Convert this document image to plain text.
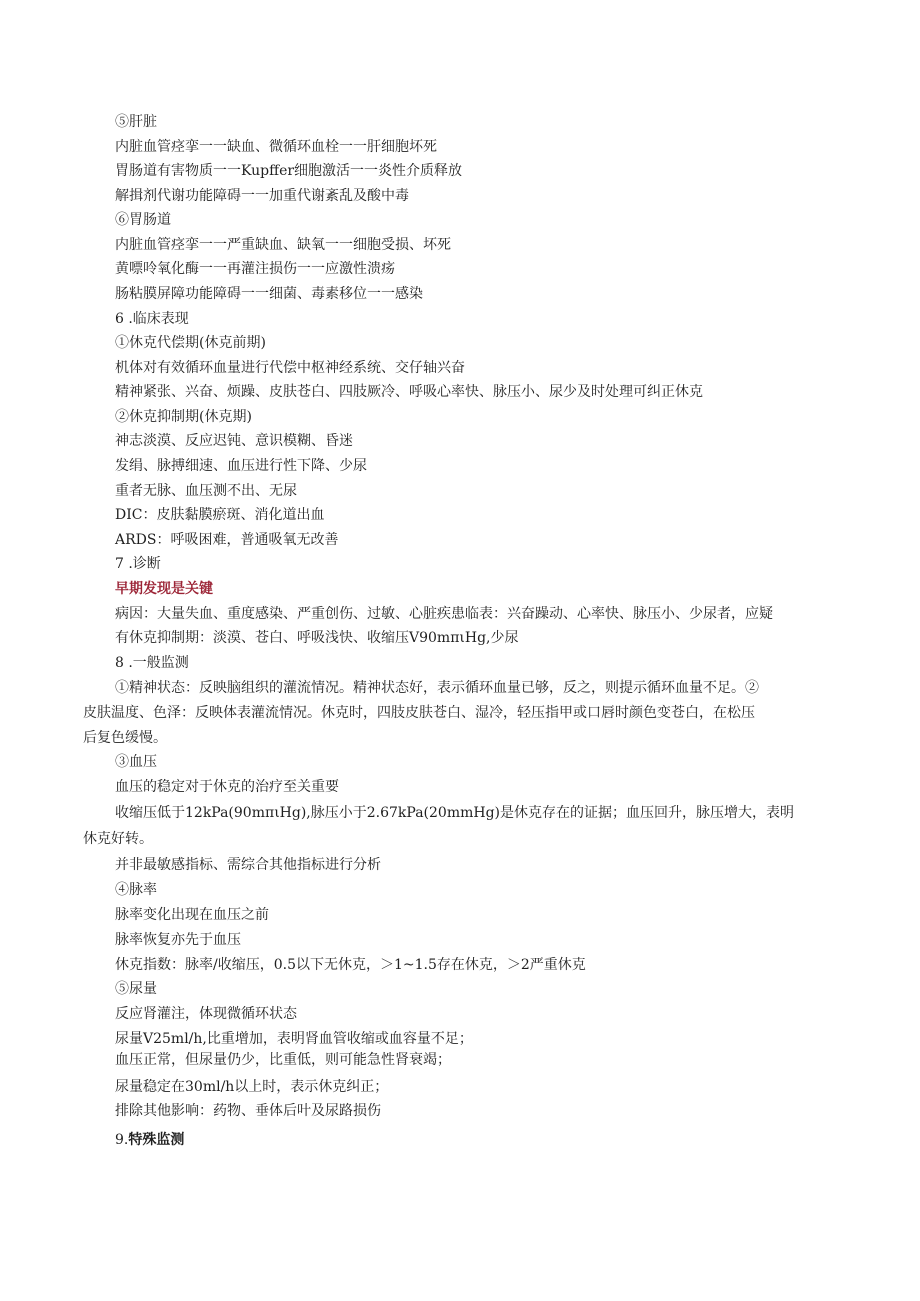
⑤肝脏
内脏血管痉挛一一缺血、微循环血栓一一肝细胞坏死
胃肠道有害物质一一Kupffer细胞激活一一炎性介质释放
解揖剂代谢功能障碍一一加重代谢紊乱及酸中毒
⑥胃肠道
内脏血管痉挛一一严重缺血、缺氧一一细胞受损、坏死
黄嘌呤氧化酶一一再灌注损伤一一应激性溃疡
肠粘膜屏障功能障碍一一细菌、毒素移位一一感染
6 .临床表现
①休克代偿期(休克前期)
机体对有效循环血量进行代偿中枢神经系统、交仔轴兴奋
精神紧张、兴奋、烦躁、皮肤苍白、四肢厥冷、呼吸心率快、脉压小、尿少及时处理可纠正休克
②休克抑制期(休克期)
神志淡漠、反应迟钝、意识模糊、昏迷
发绢、脉搏细速、血压进行性下降、少尿
重者无脉、血压测不出、无尿
DIC：皮肤黏膜瘀斑、消化道出血
ARDS：呼吸困难，普通吸氧无改善
7 .诊断
早期发现是关键
病因：大量失血、重度感染、严重创伤、过敏、心脏疾患临表：兴奋躁动、心率快、脉压小、少尿者，应疑
有休克抑制期：淡漠、苍白、呼吸浅快、收缩压V90mπιHg,少尿
8 .一般监测
①精神状态：反映脑组织的灌流情况。精神状态好，表示循环血量已够，反之，则提示循环血量不足。②
皮肤温度、色泽：反映体表灌流情况。休克时，四肢皮肤苍白、湿冷，轻压指甲或口唇时颜色变苍白，在松压
后复色缓慢。
③血压
血压的稳定对于休克的治疗至关重要
收缩压低于12kPa(90mπιHg),脉压小于2.67kPa(20mmHg)是休克存在的证据；血压回升，脉压增大，表明
休克好转。
并非最敏感指标、需综合其他指标进行分析
④脉率
脉率变化出现在血压之前
脉率恢复亦先于血压
休克指数：脉率/收缩压，0.5以下无休克，＞1~1.5存在休克，＞2严重休克
⑤尿量
反应肾灌注，体现微循环状态
尿量V25ml/h,比重增加，表明肾血管收缩或血容量不足；
血压正常，但尿量仍少，比重低，则可能急性肾衰竭；
尿量稳定在30ml/h以上时，表示休克纠正；
排除其他影响：药物、垂体后叶及尿路损伤
9.特殊监测
